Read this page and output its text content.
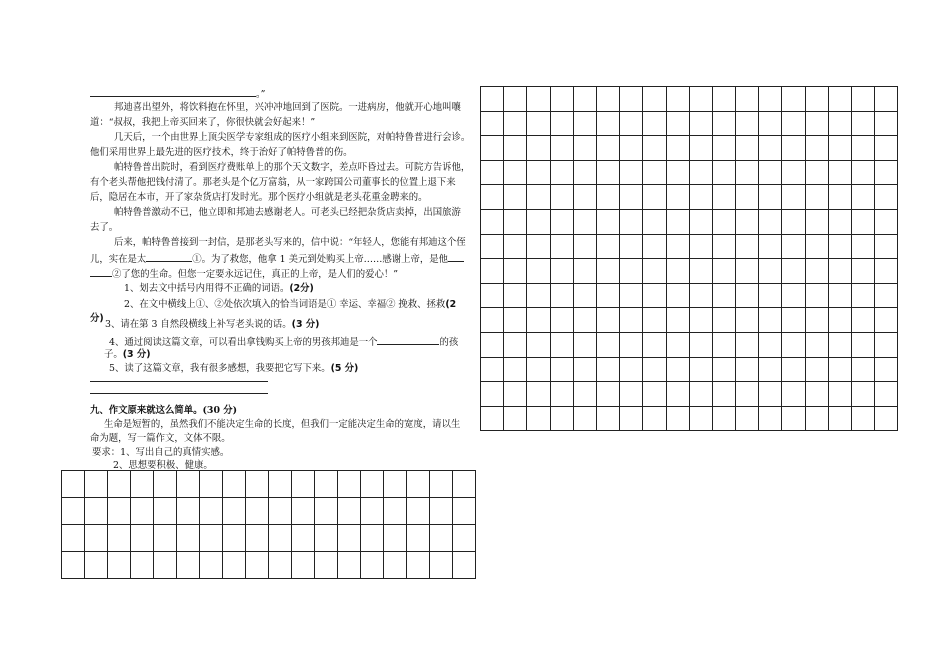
。”
邦迪喜出望外，将饮料抱在怀里，兴冲冲地回到了医院。一进病房，他就开心地叫嚷
道：“叔叔，我把上帝买回来了，你很快就会好起来！”
几天后，一个由世界上顶尖医学专家组成的医疗小组来到医院，对帕特鲁普进行会诊。
他们采用世界上最先进的医疗技术，终于治好了帕特鲁普的伤。
帕特鲁普出院时，看到医疗费账单上的那个天文数字，差点吓昏过去。可院方告诉他，
有个老头帮他把钱付清了。那老头是个亿万富翁，从一家跨国公司董事长的位置上退下来
后，隐居在本市，开了家杂货店打发时光。那个医疗小组就是老头花重金聘来的。
帕特鲁普激动不已，他立即和邦迪去感谢老人。可老头已经把杂货店卖掉，出国旅游
去了。
后来，帕特鲁普接到一封信，是那老头写来的，信中说：“年轻人，您能有邦迪这个侄
儿，实在是太	①。为了救您，他拿 1 美元到处购买上帝……感谢上帝，是他
②了您的生命。但您一定要永远记住，真正的上帝，是人们的爱心！”
1、划去文中括号内用得不正确的词语。(2分)
2、在文中横线上①、②处依次填入的恰当词语是① 幸运、幸福② 挽救、拯救(2
分)
3、请在第 3 自然段横线上补写老头说的话。(3 分)
4、通过阅读这篇文章，可以看出拿钱购买上帝的男孩邦迪是一个	的孩
子。(3 分)
5、读了这篇文章，我有很多感想，我要把它写下来。(5 分)
九、作文原来就这么简单。(30 分)
生命是短暂的，虽然我们不能决定生命的长度，但我们一定能决定生命的宽度，请以生
命为题，写一篇作文，文体不限。
要求：1、写出自己的真情实感。
2、思想要积极、健康。
